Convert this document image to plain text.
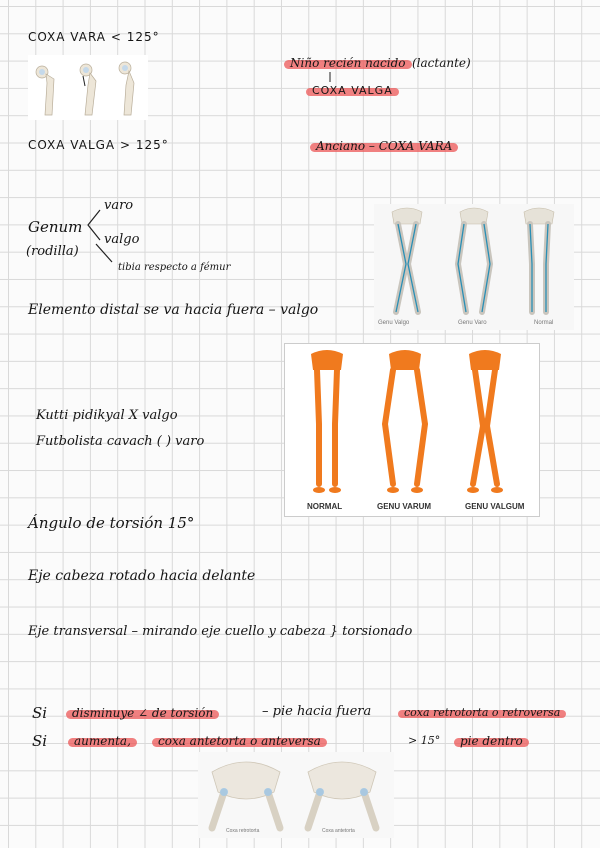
COXA VARA < 125°
COXA VALGA > 125°
Niño recién nacido (lactante)
COXA VALGA
Anciano – COXA VARA
Genum
(rodilla)
varo
valgo
tibia respecto a fémur
Elemento distal se va hacia fuera – valgo
Genu Valgo	Genu Varo	Normal
NORMAL	GENU VARUM	GENU VALGUM
Kutti pidikyal X valgo
Futbolista cavach ( ) varo
Ángulo de torsión 15°
Eje cabeza rotado hacia delante
Eje transversal – mirando eje cuello y cabeza } torsionado
Si disminuye ∠ de torsión	– pie hacia fuera	coxa retrotorta o retroversa
Si aumenta, coxa antetorta o anteversa	> 15° pie dentro
Coxa retrotorta	Coxa antetorta
